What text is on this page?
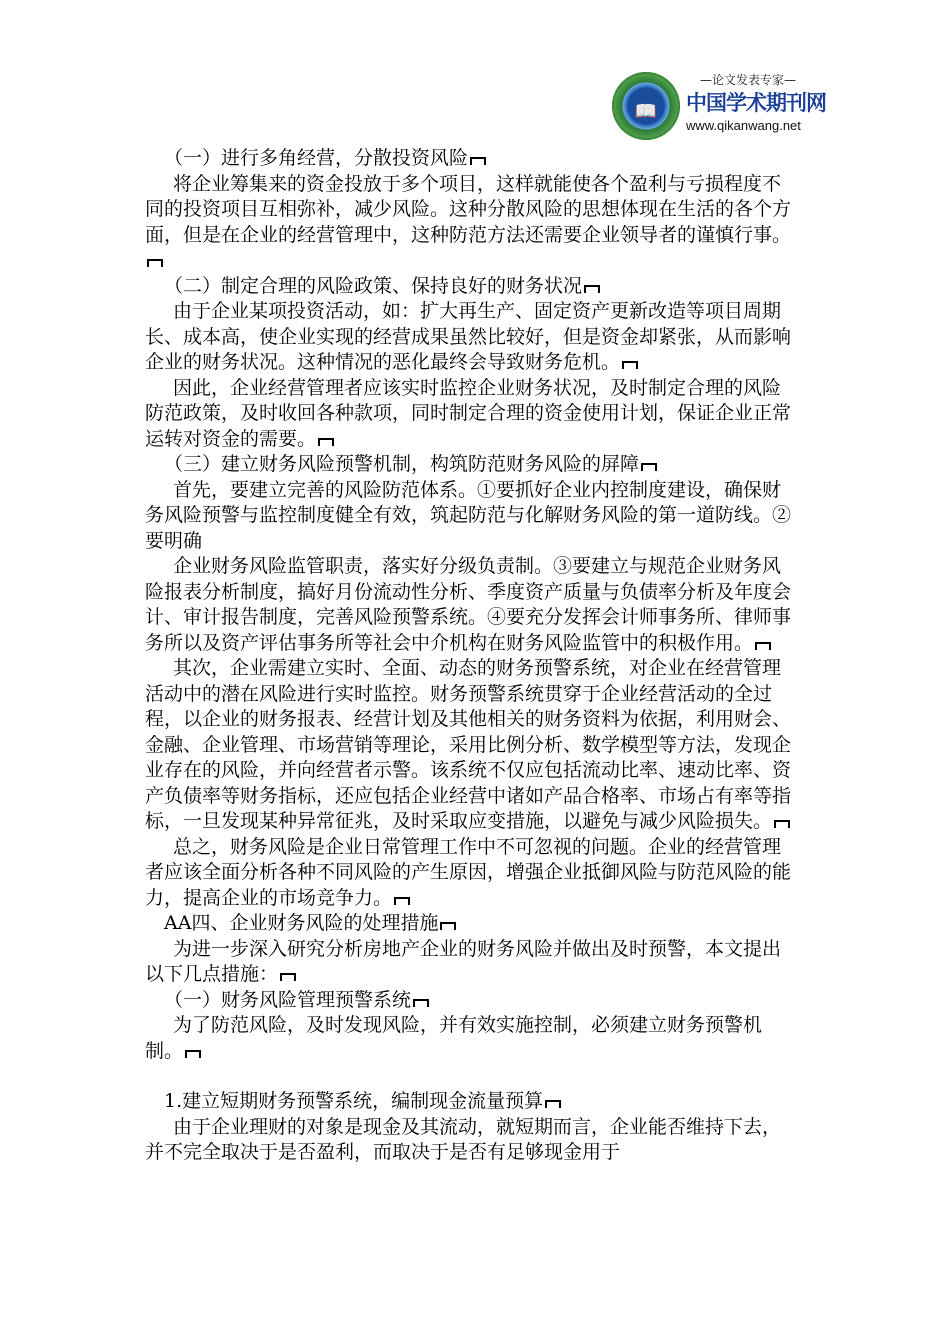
📖
—论文发表专家—
中国学术期刊网
www.qikanwang.net

（一）进行多角经营，分散投资风险

将企业筹集来的资金投放于多个项目，这样就能使各个盈利与亏损程度不同的投资项目互相弥补，减少风险。这种分散风险的思想体现在生活的各个方面，但是在企业的经营管理中，这种防范方法还需要企业领导者的谨慎行事。

（二）制定合理的风险政策、保持良好的财务状况

由于企业某项投资活动，如：扩大再生产、固定资产更新改造等项目周期长、成本高，使企业实现的经营成果虽然比较好，但是资金却紧张，从而影响企业的财务状况。这种情况的恶化最终会导致财务危机。

因此，企业经营管理者应该实时监控企业财务状况，及时制定合理的风险防范政策，及时收回各种款项，同时制定合理的资金使用计划，保证企业正常运转对资金的需要。

（三）建立财务风险预警机制，构筑防范财务风险的屏障

首先，要建立完善的风险防范体系。①要抓好企业内控制度建设，确保财务风险预警与监控制度健全有效，筑起防范与化解财务风险的第一道防线。②要明确

企业财务风险监管职责，落实好分级负责制。③要建立与规范企业财务风险报表分析制度，搞好月份流动性分析、季度资产质量与负债率分析及年度会计、审计报告制度，完善风险预警系统。④要充分发挥会计师事务所、律师事务所以及资产评估事务所等社会中介机构在财务风险监管中的积极作用。

其次，企业需建立实时、全面、动态的财务预警系统，对企业在经营管理活动中的潜在风险进行实时监控。财务预警系统贯穿于企业经营活动的全过程，以企业的财务报表、经营计划及其他相关的财务资料为依据，利用财会、金融、企业管理、市场营销等理论，采用比例分析、数学模型等方法，发现企业存在的风险，并向经营者示警。该系统不仅应包括流动比率、速动比率、资产负债率等财务指标，还应包括企业经营中诸如产品合格率、市场占有率等指标，一旦发现某种异常征兆，及时采取应变措施，以避免与减少风险损失。

总之，财务风险是企业日常管理工作中不可忽视的问题。企业的经营管理者应该全面分析各种不同风险的产生原因，增强企业抵御风险与防范风险的能力，提高企业的市场竞争力。

AA四、企业财务风险的处理措施

为进一步深入研究分析房地产企业的财务风险并做出及时预警，本文提出以下几点措施：

（一）财务风险管理预警系统

为了防范风险，及时发现风险，并有效实施控制，必须建立财务预警机制。

1.建立短期财务预警系统，编制现金流量预算

由于企业理财的对象是现金及其流动，就短期而言，企业能否维持下去，并不完全取决于是否盈利，而取决于是否有足够现金用于
